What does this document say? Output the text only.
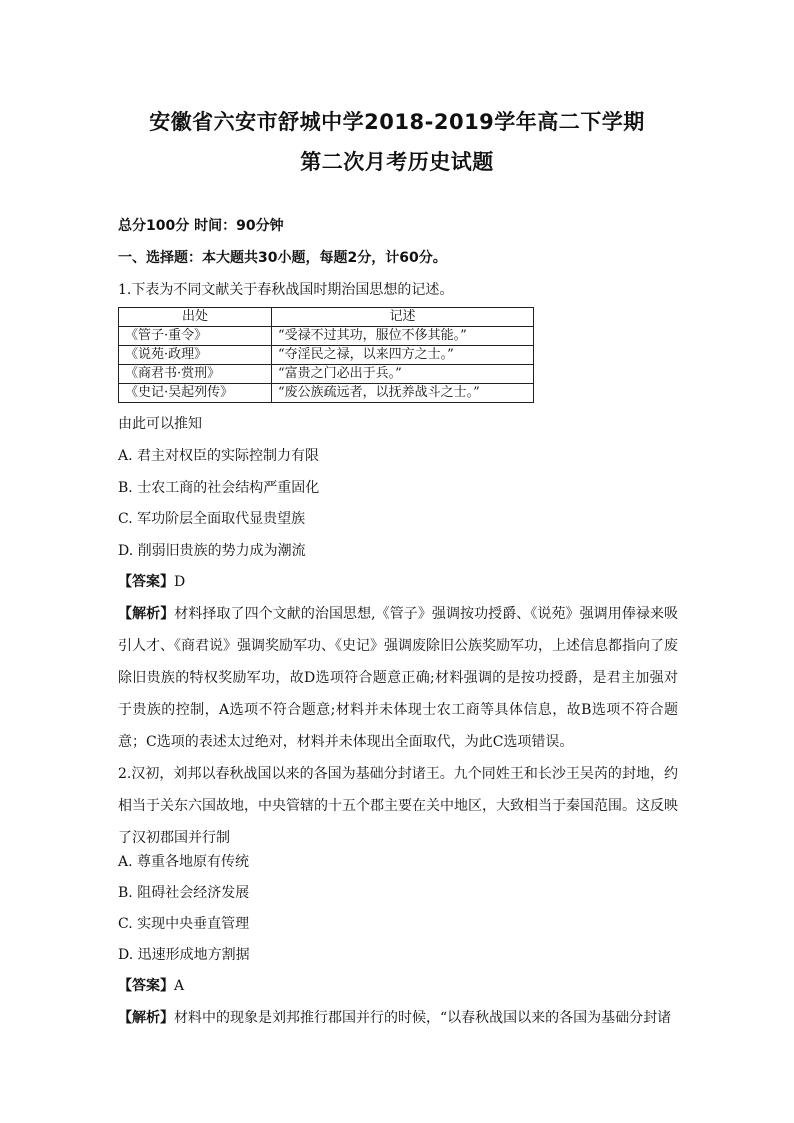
安徽省六安市舒城中学2018-2019学年高二下学期
第二次月考历史试题
总分100分 时间：90分钟
一、选择题：本大题共30小题，每题2分，计60分。
1.下表为不同文献关于春秋战国时期治国思想的记述。
出处	记述
《管子·重令》	“受禄不过其功，服位不侈其能。”
《说苑·政理》	“夺淫民之禄，以来四方之士。”
《商君书·赏刑》	“富贵之门必出于兵。”
《史记·吴起列传》	“废公族疏远者，以抚养战斗之士。”
由此可以推知
A. 君主对权臣的实际控制力有限
B. 士农工商的社会结构严重固化
C. 军功阶层全面取代显贵望族
D. 削弱旧贵族的势力成为潮流
【答案】D
【解析】材料择取了四个文献的治国思想,《管子》强调按功授爵、《说苑》强调用俸禄来吸引人才、《商君说》强调奖励军功、《史记》强调废除旧公族奖励军功，上述信息都指向了废除旧贵族的特权奖励军功，故D选项符合题意正确;材料强调的是按功授爵，是君主加强对于贵族的控制，A选项不符合题意;材料并未体现士农工商等具体信息，故B选项不符合题意；C选项的表述太过绝对，材料并未体现出全面取代，为此C选项错误。
2.汉初，刘邦以春秋战国以来的各国为基础分封诸王。九个同姓王和长沙王吴芮的封地，约相当于关东六国故地，中央管辖的十五个郡主要在关中地区，大致相当于秦国范围。这反映了汉初郡国并行制
A. 尊重各地原有传统
B. 阻碍社会经济发展
C. 实现中央垂直管理
D. 迅速形成地方割据
【答案】A
【解析】材料中的现象是刘邦推行郡国并行的时候，“以春秋战国以来的各国为基础分封诸
